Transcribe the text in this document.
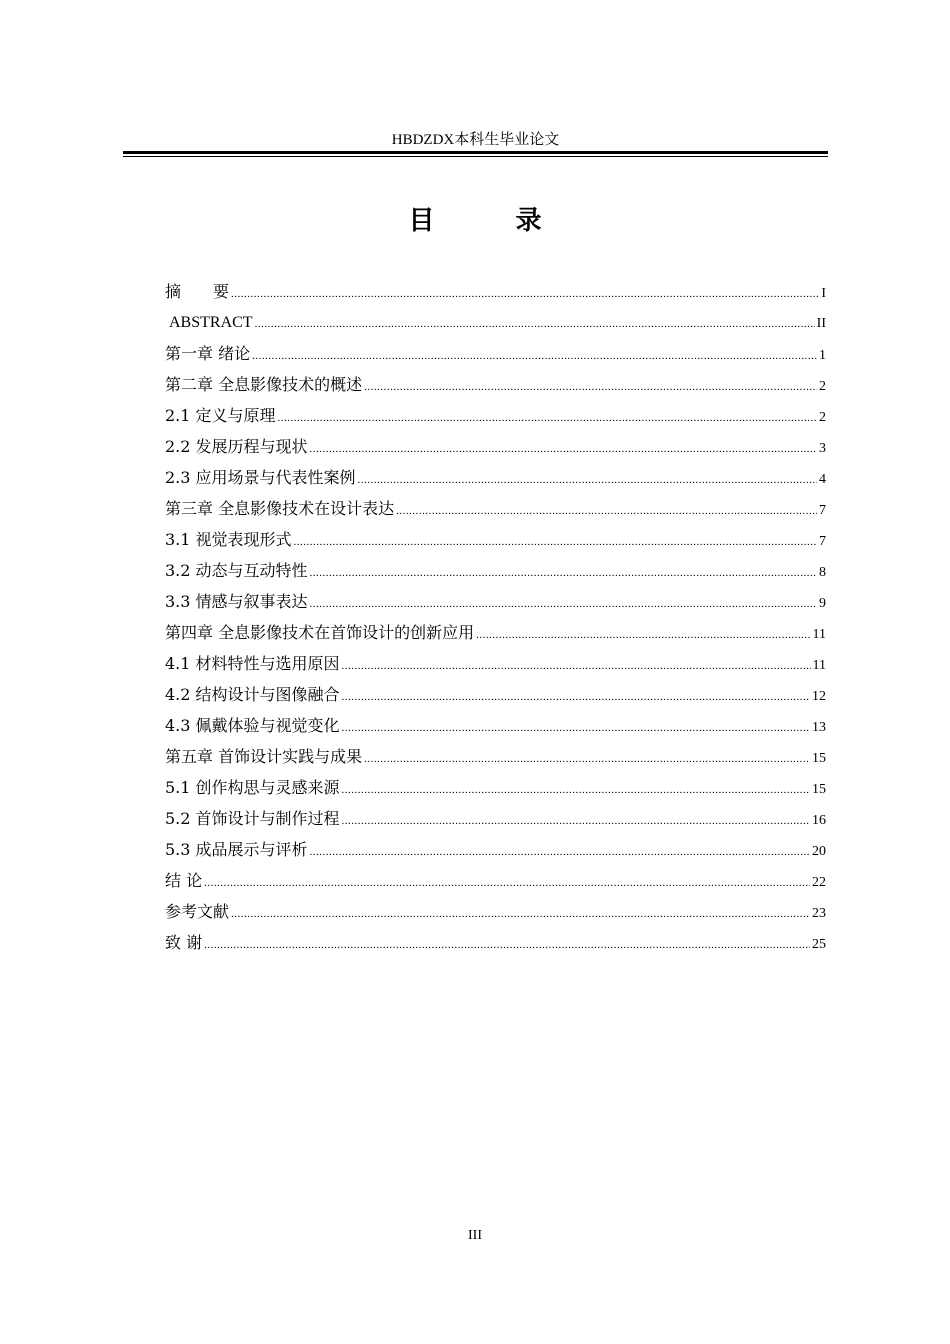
HBDZDX本科生毕业论文
目 录
摘　　要 .....	I
ABSTRACT .....	II
第一章 绪论 .....	1
第二章 全息影像技术的概述 .....	2
2.1 定义与原理 .....	2
2.2 发展历程与现状 .....	3
2.3 应用场景与代表性案例 .....	4
第三章 全息影像技术在设计表达 .....	7
3.1 视觉表现形式 .....	7
3.2 动态与互动特性 .....	8
3.3 情感与叙事表达 .....	9
第四章 全息影像技术在首饰设计的创新应用 .....	11
4.1 材料特性与选用原因 .....	11
4.2 结构设计与图像融合 .....	12
4.3 佩戴体验与视觉变化 .....	13
第五章 首饰设计实践与成果 .....	15
5.1 创作构思与灵感来源 .....	15
5.2 首饰设计与制作过程 .....	16
5.3 成品展示与评析 .....	20
结 论 .....	22
参考文献 .....	23
致 谢 .....	25
III
